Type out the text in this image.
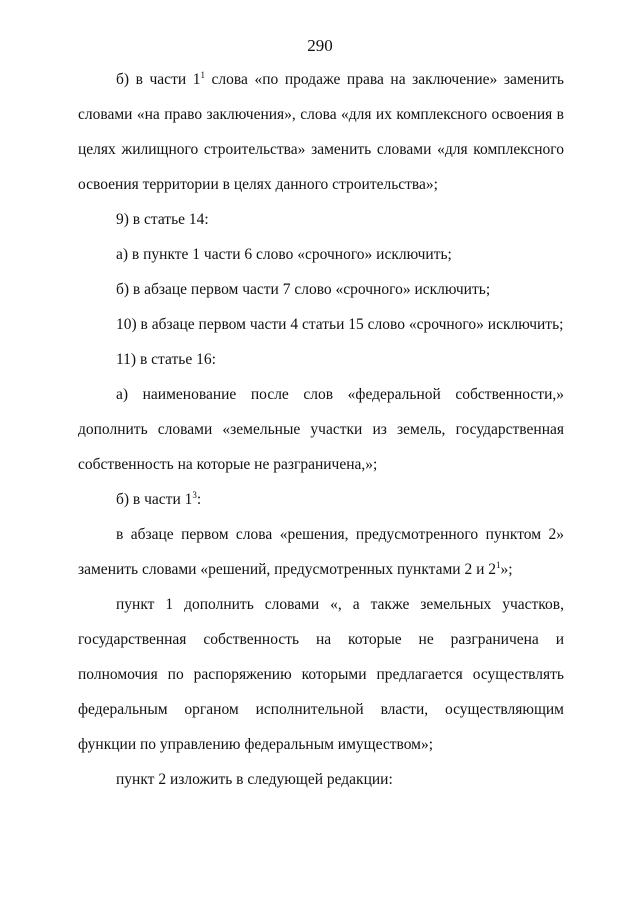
290

б) в части $1^1$ слова «по продаже права на заключение» заменить словами «на право заключения», слова «для их комплексного освоения в целях жилищного строительства» заменить словами «для комплексного освоения территории в целях данного строительства»;

9) в статье 14:

а) в пункте 1 части 6 слово «срочного» исключить;

б) в абзаце первом части 7 слово «срочного» исключить;

10) в абзаце первом части 4 статьи 15 слово «срочного» исключить;

11) в статье 16:

а) наименование после слов «федеральной собственности,» дополнить словами «земельные участки из земель, государственная собственность на которые не разграничена,»;

б) в части $1^3$:

в абзаце первом слова «решения, предусмотренного пунктом 2» заменить словами «решений, предусмотренных пунктами 2 и $2^1$»;

пункт 1 дополнить словами «, а также земельных участков, государственная собственность на которые не разграничена и полномочия по распоряжению которыми предлагается осуществлять федеральным органом исполнительной власти, осуществляющим функции по управлению федеральным имуществом»;

пункт 2 изложить в следующей редакции:
